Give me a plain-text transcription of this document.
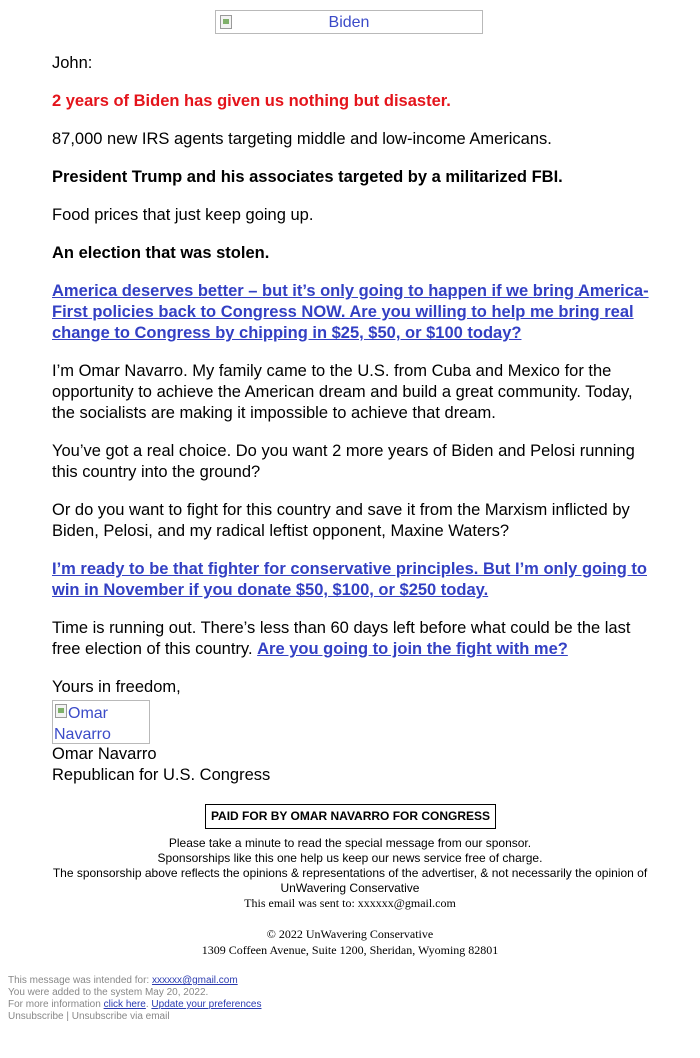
Biden

John:

2 years of Biden has given us nothing but disaster.

87,000 new IRS agents targeting middle and low-income Americans.

President Trump and his associates targeted by a militarized FBI.

Food prices that just keep going up.

An election that was stolen.

America deserves better – but it’s only going to happen if we bring America-First policies back to Congress NOW. Are you willing to help me bring real change to Congress by chipping in $25, $50, or $100 today?

I’m Omar Navarro. My family came to the U.S. from Cuba and Mexico for the opportunity to achieve the American dream and build a great community. Today, the socialists are making it impossible to achieve that dream.

You’ve got a real choice. Do you want 2 more years of Biden and Pelosi running this country into the ground?

Or do you want to fight for this country and save it from the Marxism inflicted by Biden, Pelosi, and my radical leftist opponent, Maxine Waters?

I’m ready to be that fighter for conservative principles. But I’m only going to win in November if you donate $50, $100, or $250 today.

Time is running out. There’s less than 60 days left before what could be the last free election of this country. Are you going to join the fight with me?

Yours in freedom,
Omar Navarro
Omar Navarro
Republican for U.S. Congress
PAID FOR BY OMAR NAVARRO FOR CONGRESS
Please take a minute to read the special message from our sponsor.
Sponsorships like this one help us keep our news service free of charge.
The sponsorship above reflects the opinions & representations of the advertiser, & not necessarily the opinion of UnWavering Conservative
This email was sent to: xxxxxx@gmail.com
© 2022 UnWavering Conservative
1309 Coffeen Avenue, Suite 1200, Sheridan, Wyoming 82801
This message was intended for: xxxxxx@gmail.com
You were added to the system May 20, 2022.
For more information click here. Update your preferences
Unsubscribe | Unsubscribe via email
